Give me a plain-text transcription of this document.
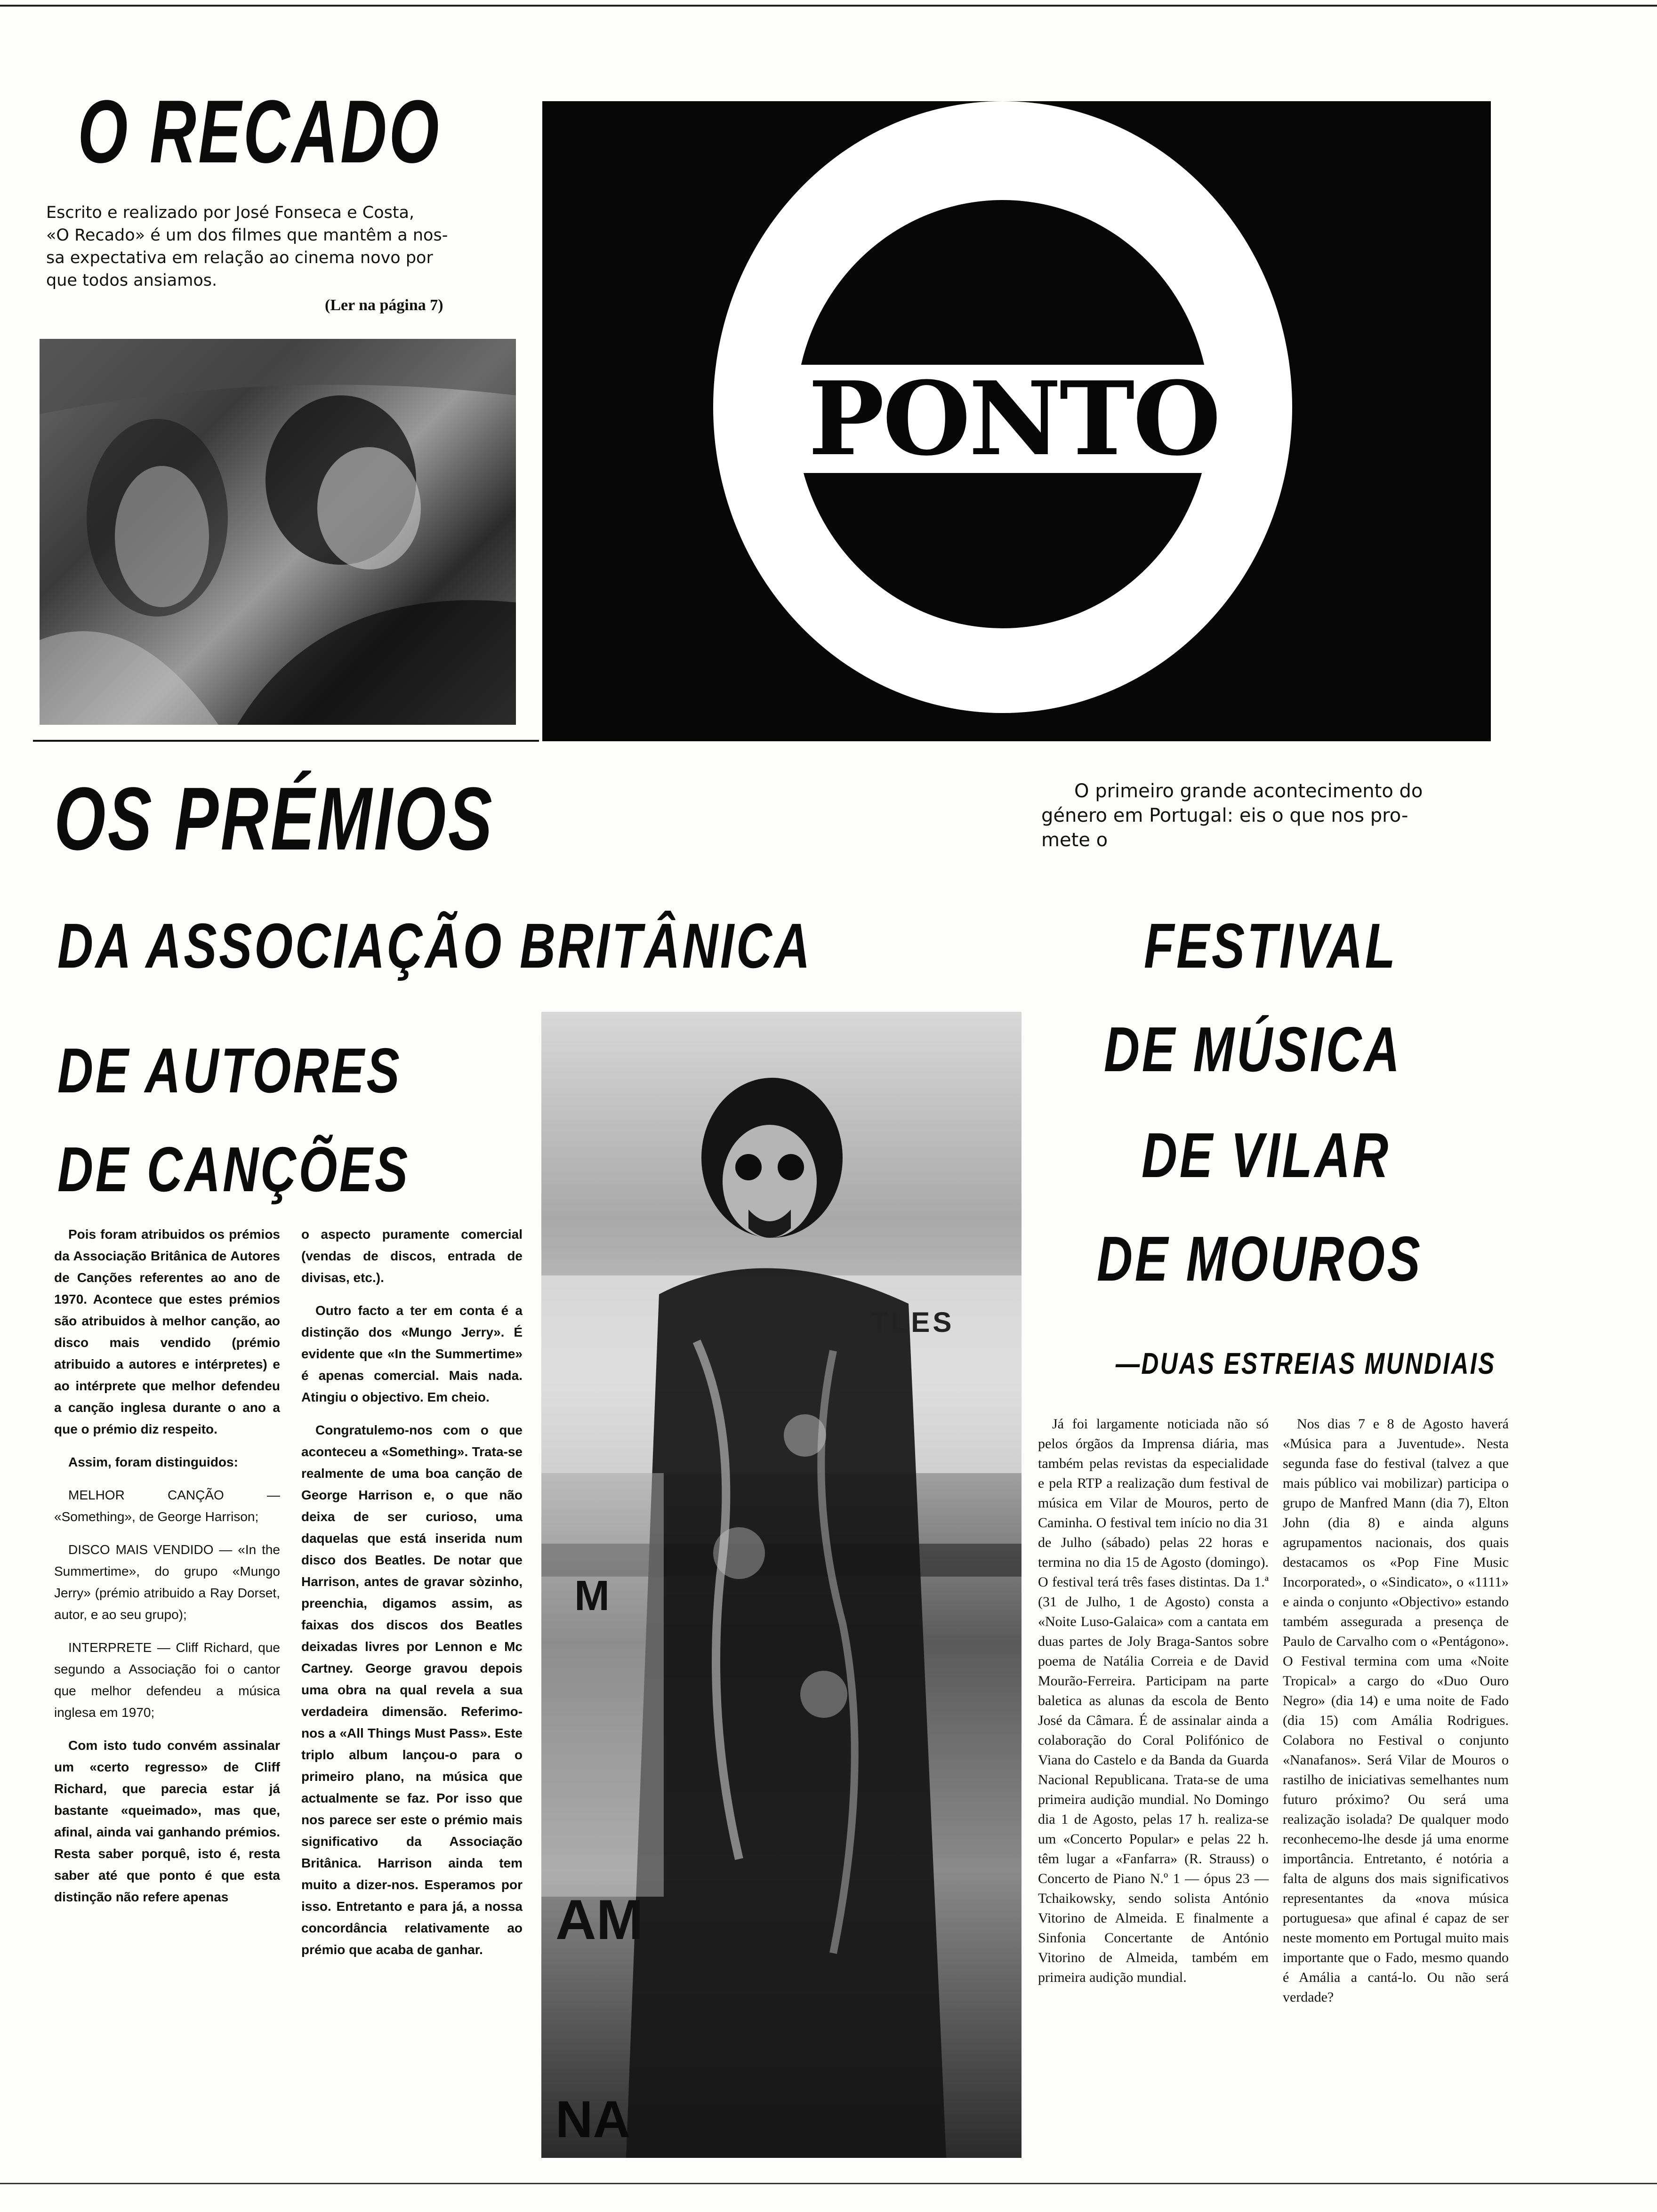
O RECADO
Escrito e realizado por José Fonseca e Costa,
«O Recado» é um dos filmes que mantêm a nos-
sa expectativa em relação ao cinema novo por
que todos ansiamos.
(Ler na página 7)
PONTO
OS PRÉMIOS
DA ASSOCIAÇÃO BRITÂNICA
DE AUTORES
DE CANÇÕES

Pois foram atribuidos os prémios da Associação Britânica de Autores de Canções referentes ao ano de 1970. Acontece que estes prémios são atribuidos à melhor canção, ao disco mais vendido (prémio atribuido a autores e intérpretes) e ao intérprete que melhor defendeu a canção inglesa durante o ano a que o prémio diz respeito.

Assim, foram distinguidos:

MELHOR CANÇÃO — «Something», de George Harrison;

DISCO MAIS VENDIDO — «In the Summertime», do grupo «Mungo Jerry» (prémio atribuido a Ray Dorset, autor, e ao seu grupo);

INTERPRETE — Cliff Richard, que segundo a Associação foi o cantor que melhor defendeu a música inglesa em 1970;

Com isto tudo convém assinalar um «certo regresso» de Cliff Richard, que parecia estar já bastante «queimado», mas que, afinal, ainda vai ganhando prémios. Resta saber porquê, isto é, resta saber até que ponto é que esta distinção não refere apenas

o aspecto puramente comercial (vendas de discos, entrada de divisas, etc.).

Outro facto a ter em conta é a distinção dos «Mungo Jerry». É evidente que «In the Summertime» é apenas comercial. Mais nada. Atingiu o objectivo. Em cheio.

Congratulemo-nos com o que aconteceu a «Something». Trata-se realmente de uma boa canção de George Harrison e, o que não deixa de ser curioso, uma daquelas que está inserida num disco dos Beatles. De notar que Harrison, antes de gravar sòzinho, preenchia, digamos assim, as faixas dos discos dos Beatles deixadas livres por Lennon e Mc Cartney. George gravou depois uma obra na qual revela a sua verdadeira dimensão. Referimo-nos a «All Things Must Pass». Este triplo album lançou-o para o primeiro plano, na música que actualmente se faz. Por isso que nos parece ser este o prémio mais significativo da Associação Britânica. Harrison ainda tem muito a dizer-nos. Esperamos por isso. Entretanto e para já, a nossa concordância relativamente ao prémio que acaba de ganhar.

TLES
M
AM
NA
O primeiro grande acontecimento do
género em Portugal: eis o que nos pro-
mete o
FESTIVAL
DE MÚSICA
DE VILAR
DE MOUROS
—DUAS ESTREIAS MUNDIAIS

Já foi largamente noticiada não só pelos órgãos da Imprensa diária, mas também pelas revistas da especialidade e pela RTP a realização dum festival de música em Vilar de Mouros, perto de Caminha. O festival tem início no dia 31 de Julho (sábado) pelas 22 horas e termina no dia 15 de Agosto (domingo). O festival terá três fases distintas. Da 1.ª (31 de Julho, 1 de Agosto) consta a «Noite Luso-Galaica» com a cantata em duas partes de Joly Braga-Santos sobre poema de Natália Correia e de David Mourão-Ferreira. Participam na parte baletica as alunas da escola de Bento José da Câmara. É de assinalar ainda a colaboração do Coral Polifónico de Viana do Castelo e da Banda da Guarda Nacional Republicana. Trata-se de uma primeira audição mundial. No Domingo dia 1 de Agosto, pelas 17 h. realiza-se um «Concerto Popular» e pelas 22 h. têm lugar a «Fanfarra» (R. Strauss) o Concerto de Piano N.º 1 — ópus 23 — Tchaikowsky, sendo solista António Vitorino de Almeida. E finalmente a Sinfonia Concertante de António Vitorino de Almeida, também em primeira audição mundial.

Nos dias 7 e 8 de Agosto haverá «Música para a Juventude». Nesta segunda fase do festival (talvez a que mais público vai mobilizar) participa o grupo de Manfred Mann (dia 7), Elton John (dia 8) e ainda alguns agrupamentos nacionais, dos quais destacamos os «Pop Fine Music Incorporated», o «Sindicato», o «1111» e ainda o conjunto «Objectivo» estando também assegurada a presença de Paulo de Carvalho com o «Pentágono». O Festival termina com uma «Noite Tropical» a cargo do «Duo Ouro Negro» (dia 14) e uma noite de Fado (dia 15) com Amália Rodrigues. Colabora no Festival o conjunto «Nanafanos». Será Vilar de Mouros o rastilho de iniciativas semelhantes num futuro próximo? Ou será uma realização isolada? De qualquer modo reconhecemo-lhe desde já uma enorme importância. Entretanto, é notória a falta de alguns dos mais significativos representantes da «nova música portuguesa» que afinal é capaz de ser neste momento em Portugal muito mais importante que o Fado, mesmo quando é Amália a cantá-lo. Ou não será verdade?
